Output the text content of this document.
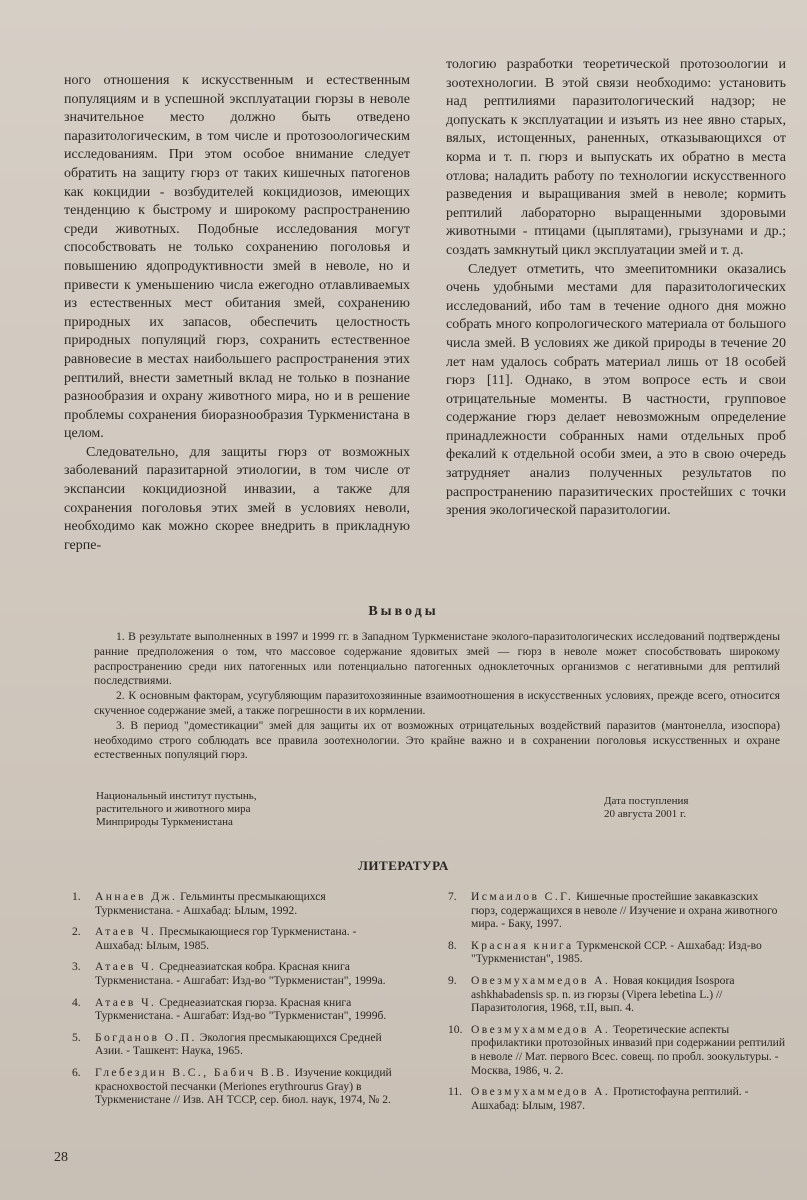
ного отношения к искусственным и естественным популяциям и в успешной эксплуатации гюрзы в неволе значительное место должно быть отведено паразитологическим, в том числе и протозоологическим исследованиям. При этом особое внимание следует обратить на защиту гюрз от таких кишечных патогенов как кокцидии - возбудителей кокцидиозов, имеющих тенденцию к быстрому и широкому распространению среди животных. Подобные исследования могут способствовать не только сохранению поголовья и повышению ядопродуктивности змей в неволе, но и привести к уменьшению числа ежегодно отлавливаемых из естественных мест обитания змей, сохранению природных их запасов, обеспечить целостность природных популяций гюрз, сохранить естественное равновесие в местах наибольшего распространения этих рептилий, внести заметный вклад не только в познание разнообразия и охрану животного мира, но и в решение проблемы сохранения биоразнообразия Туркменистана в целом.

Следовательно, для защиты гюрз от возможных заболеваний паразитарной этиологии, в том числе от экспансии кокцидиозной инвазии, а также для сохранения поголовья этих змей в условиях неволи, необходимо как можно скорее внедрить в прикладную герпе-

тологию разработки теоретической протозоологии и зоотехнологии. В этой связи необходимо: установить над рептилиями паразитологический надзор; не допускать к эксплуатации и изъять из нее явно старых, вялых, истощенных, раненных, отказывающихся от корма и т. п. гюрз и выпускать их обратно в места отлова; наладить работу по технологии искусственного разведения и выращивания змей в неволе; кормить рептилий лабораторно выращенными здоровыми животными - птицами (цыплятами), грызунами и др.; создать замкнутый цикл эксплуатации змей и т. д.

Следует отметить, что змеепитомники оказались очень удобными местами для паразитологических исследований, ибо там в течение одного дня можно собрать много копрологического материала от большого числа змей. В условиях же дикой природы в течение 20 лет нам удалось собрать материал лишь от 18 особей гюрз [11]. Однако, в этом вопросе есть и свои отрицательные моменты. В частности, групповое содержание гюрз делает невозможным определение принадлежности собранных нами отдельных проб фекалий к отдельной особи змеи, а это в свою очередь затрудняет анализ полученных результатов по распространению паразитических простейших с точки зрения экологической паразитологии.

Выводы

1. В результате выполненных в 1997 и 1999 гг. в Западном Туркменистане эколого-паразитологических исследований подтверждены ранние предположения о том, что массовое содержание ядовитых змей — гюрз в неволе может способствовать широкому распространению среди них патогенных или потенциально патогенных одноклеточных организмов с негативными для рептилий последствиями.

2. К основным факторам, усугубляющим паразитохозяинные взаимоотношения в искусственных условиях, прежде всего, относится скученное содержание змей, а также погрешности в их кормлении.

3. В период "доместикации" змей для защиты их от возможных отрицательных воздействий паразитов (мантонелла, изоспора) необходимо строго соблюдать все правила зоотехнологии. Это крайне важно и в сохранении поголовья искусственных и охране естественных популяций гюрз.

Национальный институт пустынь,
растительного и животного мира
Минприроды Туркменистана
Дата поступления
20 августа 2001 г.
ЛИТЕРАТУРА
1. Аннаев Дж. Гельминты пресмыкающихся Туркменистана. - Ашхабад: Ылым, 1992.
2. Атаев Ч. Пресмыкающиеся гор Туркменистана. - Ашхабад: Ылым, 1985.
3. Атаев Ч. Среднеазиатская кобра. Красная книга Туркменистана. - Ашгабат: Изд-во "Туркменистан", 1999а.
4. Атаев Ч. Среднеазиатская гюрза. Красная книга Туркменистана. - Ашгабат: Изд-во "Туркменистан", 1999б.
5. Богданов О.П. Экология пресмыкающихся Средней Азии. - Ташкент: Наука, 1965.
6. Глебездин В.С., Бабич В.В. Изучение кокцидий краснохвостой песчанки (Meriones erythrourus Gray) в Туркменистане // Изв. АН ТССР, сер. биол. наук, 1974, № 2.
7. Исмаилов С.Г. Кишечные простейшие закавказских гюрз, содержащихся в неволе // Изучение и охрана животного мира. - Баку, 1997.
8. Красная книга Туркменской ССР. - Ашхабад: Изд-во "Туркменистан", 1985.
9. Овезмухаммедов А. Новая кокцидия Isospora ashkhabadensis sp. n. из гюрзы (Vipera lebetina L.) // Паразитология, 1968, т.II, вып. 4.
10. Овезмухаммедов А. Теоретические аспекты профилактики протозойных инвазий при содержании рептилий в неволе // Мат. первого Всес. совещ. по пробл. зоокультуры. - Москва, 1986, ч. 2.
11. Овезмухаммедов А. Протистофауна рептилий. - Ашхабад: Ылым, 1987.
28
